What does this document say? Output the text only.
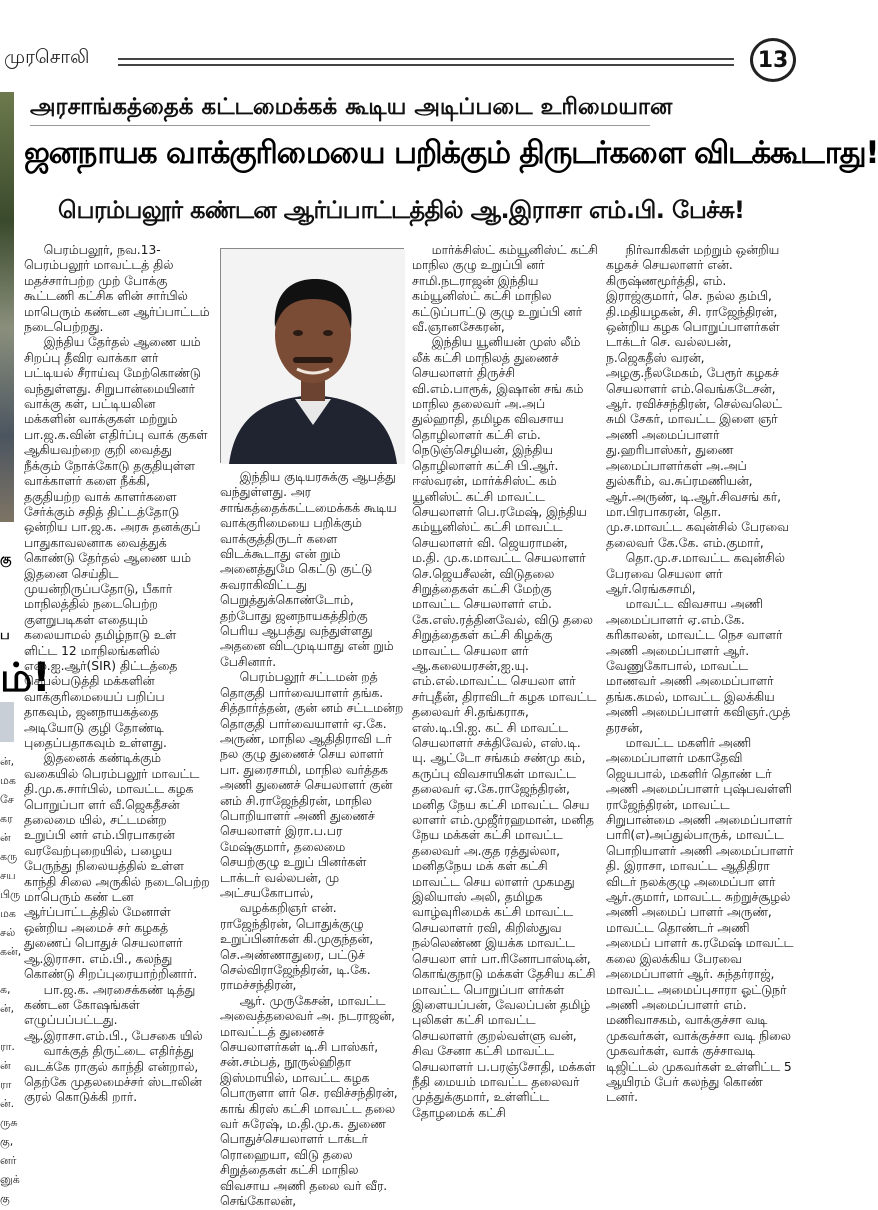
முரசொலி	13
கு
ப
ம்!
ன்,
மக
சே
கர
ன்
கரு
சய
பிரு
மக
சல்
கன்,
க,
ன்,
ரா.
ன்
ரா
ன்.
ருசு
கு,
னர்
னுக்
கு
அரசாங்கத்தைக் கட்டமைக்கக் கூடிய அடிப்படை உரிமையான
ஜனநாயக வாக்குரிமையை பறிக்கும் திருடர்களை விடக்கூடாது!
பெரம்பலூர் கண்டன ஆர்ப்பாட்டத்தில் ஆ.இராசா எம்.பி. பேச்சு!

பெரம்பலூர், நவ.13- பெரம்பலூர் மாவட்டத் தில் மதச்சார்பற்ற முற் போக்கு கூட்டணி கட்சிக ளின் சார்பில் மாபெரும் கண்டன ஆர்ப்பாட்டம் நடைபெற்றது.

இந்திய தேர்தல் ஆணை யம் சிறப்பு தீவிர வாக்கா ளர் பட்டியல் சீராய்வு மேற்கொண்டு வந்துள்ளது. சிறுபான்மையினர் வாக்கு கள், பட்டியலின மக்களின் வாக்குகள் மற்றும் பா.ஜ.க.வின் எதிர்ப்பு வாக் குகள் ஆகியவற்றை குறி வைத்து நீக்கும் நோக்கோடு தகுதியுள்ள வாக்காளர் களை நீக்கி, தகுதியற்ற வாக் காளர்களை சேர்க்கும் சதித் திட்டத்தோடு ஒன்றிய பா.ஜ.க. அரசு தனக்குப் பாதுகாவலனாக வைத்துக் கொண்டு தேர்தல் ஆணை யம் இதனை செய்திட முயன்றிருப்பதோடு, பீகார் மாநிலத்தில் நடைபெற்ற குளறுபடிகள் எதையும் கலையாமல் தமிழ்நாடு உள் ளிட்ட 12 மாநிலங்களில் எஸ்.ஐ.ஆர்(SIR) திட்டத்தை செயல்படுத்தி மக்களின் வாக்குரிமையைப் பறிப்ப தாகவும், ஜனநாயகத்தை அடியோடு குழி தோண்டி புதைப்பதாகவும் உள்ளது.

இதனைக் கண்டிக்கும் வகையில் பெரம்பலூர் மாவட்ட தி.மு.க.சார்பில், மாவட்ட கழக பொறுப்பா ளர் வீ.ஜெகதீசன் தலைமை யில், சட்டமன்ற உறுப்பி னர் எம்.பிரபாகரன் வரவேற்புறையில், பழைய பேருந்து நிலையத்தில் உள்ள காந்தி சிலை அருகில் நடைபெற்ற மாபெரும் கண் டன ஆர்ப்பாட்டத்தில் மேனாள் ஒன்றிய அமைச் சர் கழகத் துணைப் பொதுச் செயலாளர் ஆ.இராசா. எம்.பி., கலந்து கொண்டு சிறப்புரையாற்றினார்.

பா.ஜ.க. அரசைக்கண் டித்து கண்டன கோஷங்கள் எழுப்பப்பட்டது. ஆ.இராசா.எம்.பி., பேசகை யில்

வாக்குத் திருட்டை எதிர்த்து வடக்கே ராகுல் காந்தி என்றால், தெற்கே முதலமைச்சர் ஸ்டாலின் குரல் கொடுக்கி றார்.

இந்திய குடியரசுக்கு ஆபத்து வந்துள்ளது. அர சாங்கத்தைக்கட்டமைக்கக் கூடிய வாக்குரிமையை பறிக்கும் வாக்குத்திருடர் களை விடக்கூடாது என் றும் அனைத்துமே கெட்டு குட்டு சுவராகிவிட்டது பெறுத்துக்கொண்டோம், தற்போது ஜனநாயகத்திற்கு பெரிய ஆபத்து வந்துள்ளது அதனை விடமுடியாது என் றும் பேசினார்.

பெரம்பலூர் சட்டமன் றத் தொகுதி பார்வையாளர் தங்க. சித்தார்த்தன், குன் னம் சட்டமன்ற தொகுதி பார்வையாளர் ஏ.கே. அருண், மாநில ஆதிதிராவி டர் நல குழு துணைச் செய லாளர் பா. துரைசாமி, மாநில வர்த்தக அணி துணைச் செயலாளர் குன் னம் சி.ராஜேந்திரன், மாநில பொறியாளர் அணி துணைச் செயலாளர் இரா.ப.பர மேஷ்குமார், தலைமை செயற்குழு உறுப் பினர்கள் டாக்டர் வல்லபன், மு அட்சயகோபால்,

வழக்கறிஞர் என். ராஜேந்திரன், பொதுக்குழு உறுப்பினர்கள் கி.முகுந்தன், செ.அண்ணாதுரை, பட்டுச் செல்விராஜேந்திரன், டி.கே. ராமச்சந்திரன்,

ஆர். முருகேசன், மாவட்ட அவைத்தலைவர் அ. நடராஜன், மாவட்டத் துணைச் செயலாளர்கள் டி.சி பாஸ்கர், சன்.சம்பத், நூருல்ஹிதா இஸ்மாயில், மாவட்ட கழக பொருளா ளர் செ. ரவிச்சந்திரன், காங் கிரஸ் கட்சி மாவட்ட தலை வர் சுரேஷ், ம.தி.மு.க. துணை பொதுச்செயலாளர் டாக்டர் ரொஹையா, விடு தலை சிறுத்தைகள் கட்சி மாநில விவசாய அணி தலை வர் வீர. செங்கோலன்,

மார்க்சிஸ்ட் கம்யூனிஸ்ட் கட்சி மாநில குழு உறுப்பி னர் சாமி.நடராஜன் இந்திய கம்யூனிஸ்ட் கட்சி மாநில கட்டுப்பாட்டு குழு உறுப்பி னர் வீ.ஞானசேகரன்,

இந்திய யூனியன் முஸ் லீம் லீக் கட்சி மாநிலத் துணைச் செயலாளர் திருச்சி வி.எம்.பாரூக், இஷான் சங் கம் மாநில தலைவர் அ.அப் துல்ஹாதி, தமிழக விவசாய தொழிலாளர் கட்சி எம். நெடுஞ்செழியன், இந்திய தொழிலாளர் கட்சி பி.ஆர். ஈஸ்வரன், மார்க்சிஸ்ட் கம் யூனிஸ்ட் கட்சி மாவட்ட செயலாளர் பெ.ரமேஷ், இந்திய கம்யூனிஸ்ட் கட்சி மாவட்ட செயலாளர் வி. ஜெயராமன், ம.தி. மு.க.மாவட்ட செயலாளர் செ.ஜெயசீலன், விடுதலை சிறுத்தைகள் கட்சி மேற்கு மாவட்ட செயலாளர் எம். கே.எஸ்.ரத்தினவேல், விடு தலை சிறுத்தைகள் கட்சி கிழக்கு மாவட்ட செயலா ளர் ஆ.கலையரசன்,ஐ.யு. எம்.எல்.மாவட்ட செயலா ளர் சர்புதீன், திராவிடர் கழக மாவட்ட தலைவர் சி.தங்கராசு, எஸ்.டி.பி.ஐ. கட் சி மாவட்ட செயலாளர் சக்திவேல், எஸ்.டி. யு. ஆட்டோ சங்கம் சண்மு கம், கருப்பு விவசாயிகள் மாவட்ட தலைவர் ஏ.கே.ராஜேந்திரன், மனித நேய கட்சி மாவட்ட செய லாளர் எம்.முஜீர்ரஹமான், மனித நேய மக்கள் கட்சி மாவட்ட தலைவர் அ.குத ரத்துல்லா, மனிதநேய மக் கள் கட்சி மாவட்ட செய லாளர் முகமது இலியாஸ் அலி, தமிழக வாழ்வுரிமைக் கட்சி மாவட்ட செயலாளர் ரவி, கிறிஸ்துவ நல்லெண்ண இயக்க மாவட்ட செயலா ளர் பா.ரினோபாஸ்டின், கொங்குநாடு மக்கள் தேசிய கட்சி மாவட்ட பொறுப்பா ளர்கள் இளையப்பன், வேலப்பன் தமிழ் புலிகள் கட்சி மாவட்ட செயலாளர் குறல்வள்ளு வன், சிவ சேனா கட்சி மாவட்ட செயலாளர் ப.பரஞ்சோதி, மக்கள் நீதி மையம் மாவட்ட தலைவர் முத்துக்குமார், உள்ளிட்ட தோழமைக் கட்சி

நிர்வாகிகள் மற்றும் ஒன்றிய கழகச் செயலாளர் என். கிருஷ்ணமூர்த்தி, எம். இராஜ்குமார், செ. நல்ல தம்பி, தி.மதியழகன், சி. ராஜேந்திரன், ஒன்றிய கழக பொறுப்பாளர்கள் டாக்டர் செ. வல்லபன், ந.ஜெகதீஸ் வரன், அழகு.நீலமேகம், பேரூர் கழகச் செயலாளர் எம்.வெங்கடேசன், ஆர். ரவிச்சந்திரன், செல்வலெட் சுமி சேகர், மாவட்ட இளை ஞர் அணி அமைப்பாளர் து.ஹரிபாஸ்கர், துணை அமைப்பாளர்கள் அ.அப் துல்கரீம், வ.சுப்ரமணியன், ஆர்.அருண், டி.ஆர்.சிவசங் கர், மா.பிரபாகரன், தொ. மு.ச.மாவட்ட கவுன்சில் பேரவை தலைவர் கே.கே. எம்.குமார்,

தொ.மு.ச.மாவட்ட கவுன்சில் பேரவை செயலா ளர் ஆர்.ரெங்கசாமி,

மாவட்ட விவசாய அணி அமைப்பாளர் ஏ.எம்.கே. கரிகாலன், மாவட்ட நெச வாளர் அணி அமைப்பாளர் ஆர். வேணுகோபால், மாவட்ட மாணவர் அணி அமைப்பாளர் தங்க.கமல், மாவட்ட இலக்கிய அணி அமைப்பாளர் கவிஞர்.முத் தரசன்,

மாவட்ட மகளிர் அணி அமைப்பாளர் மகாதேவி ஜெயபால், மகளிர் தொண் டர் அணி அமைப்பாளர் புஷ்பவள்ளி ராஜேந்திரன், மாவட்ட சிறுபான்மை அணி அமைப்பாளர் பாரி(எ)அப்துல்பாருக், மாவட்ட பொறியாளர் அணி அமைப்பாளர் தி. இராசா, மாவட்ட ஆதிதிரா விடர் நலக்குழு அமைப்பா ளர் ஆர்.குமார், மாவட்ட சுற்றுச்சூழல் அணி அமைப் பாளர் அருண், மாவட்ட தொண்டர் அணி அமைப் பாளர் க.ரமேஷ் மாவட்ட கலை இலக்கிய பேரவை அமைப்பாளர் ஆர். சுந்தர்ராஜ், மாவட்ட அமைப்புசாரா ஓட்டுநர் அணி அமைப்பாளர் எம். மணிவாசகம், வாக்குச்சா வடி முகவர்கள், வாக்குச்சா வடி நிலை முகவர்கள், வாக் குச்சாவடி டிஜிட்டல் முகவர்கள் உள்ளிட்ட 5 ஆயிரம் பேர் கலந்து கொண் டனர்.
